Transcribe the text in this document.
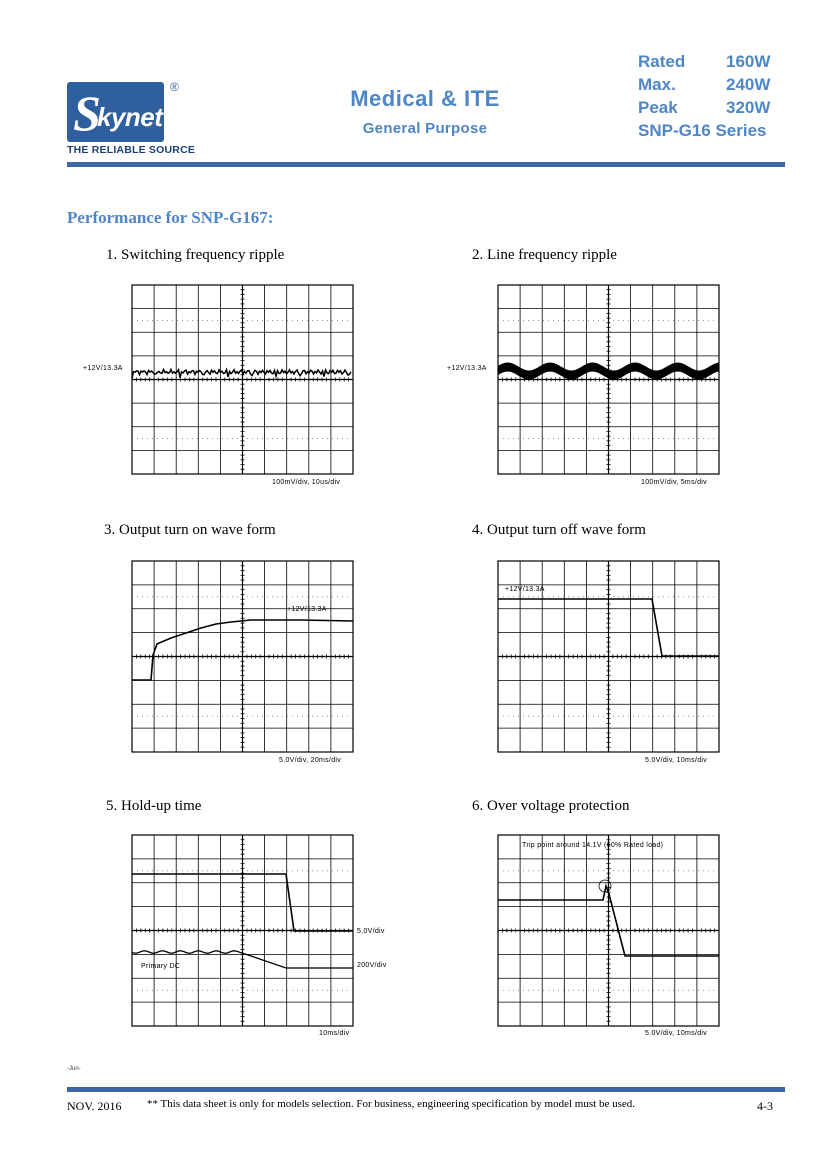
S
kynet
®
THE RELIABLE SOURCE
Medical & ITE
General Purpose
Rated 160W
Max.	240W
Peak	320W
SNP-G16 Series
Performance for SNP-G167:
1. Switching frequency ripple	2. Line frequency ripple
3. Output turn on wave form	4. Output turn off wave form
5. Hold-up time	6. Over voltage protection
+12V/13.3A
100mV/div, 10us/div
+12V/13.3A
100mV/div, 5ms/div
+12V/13.3A
5.0V/div, 20ms/div
+12V/13.3A
5.0V/div, 10ms/div
Primary DC
5.0V/div
200V/div
10ms/div
Trip point around 14.1V (60% Rated load)
5.0V/div, 10ms/div
-Jun-
NOV. 2016 ** This data sheet is only for models selection. For business, engineering specification by model must be used.	4-3
